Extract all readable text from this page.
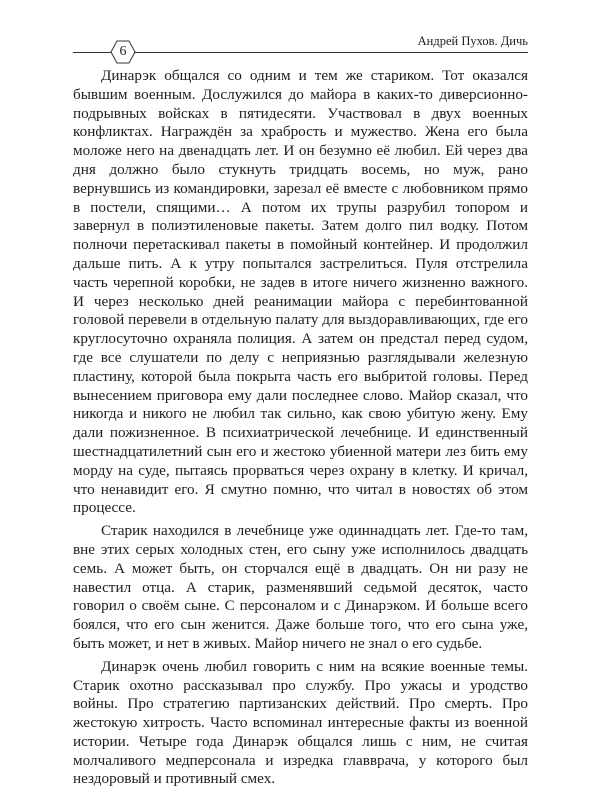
6
Андрей Пухов. Дичь

Динарэк общался со одним и тем же стариком. Тот оказался бывшим военным. Дослужился до майора в каких-то диверсионно-подрывных войсках в пятидесяти. Участвовал в двух военных конфликтах. Награждён за храбрость и мужество. Жена его была моложе него на двенадцать лет. И он безумно её любил. Ей через два дня должно было стукнуть тридцать восемь, но муж, рано вернувшись из командировки, зарезал её вместе с любовником прямо в постели, спящими… А потом их трупы разрубил топором и завернул в полиэтиленовые пакеты. Затем долго пил водку. Потом полночи перетаскивал пакеты в помойный контейнер. И продолжил дальше пить. А к утру попытался застрелиться. Пуля отстрелила часть черепной коробки, не задев в итоге ничего жизненно важного. И через несколько дней реанимации майора с перебинтованной головой перевели в отдельную палату для выздоравливающих, где его круглосуточно охраняла полиция. А затем он предстал перед судом, где все слушатели по делу с неприязнью разглядывали железную пластину, которой была покрыта часть его выбритой головы. Перед вынесением приговора ему дали последнее слово. Майор сказал, что никогда и никого не любил так сильно, как свою убитую жену. Ему дали пожизненное. В психиатрической лечебнице. И единственный шестнадцатилетний сын его и жестоко убиенной матери лез бить ему морду на суде, пытаясь прорваться через охрану в клетку. И кричал, что ненавидит его. Я смутно помню, что читал в новостях об этом процессе.

Старик находился в лечебнице уже одиннадцать лет. Где-то там, вне этих серых холодных стен, его сыну уже исполнилось двадцать семь. А может быть, он сторчался ещё в двадцать. Он ни разу не навестил отца. А старик, разменявший седьмой десяток, часто говорил о своём сыне. С персоналом и с Динарэком. И больше всего боялся, что его сын женится. Даже больше того, что его сына уже, быть может, и нет в живых. Майор ничего не знал о его судьбе.

Динарэк очень любил говорить с ним на всякие военные темы. Старик охотно рассказывал про службу. Про ужасы и уродство войны. Про стратегию партизанских действий. Про смерть. Про жестокую хитрость. Часто вспоминал интересные факты из военной истории. Четыре года Динарэк общался лишь с ним, не считая молчаливого медперсонала и изредка главврача, у которого был нездоровый и противный смех.
